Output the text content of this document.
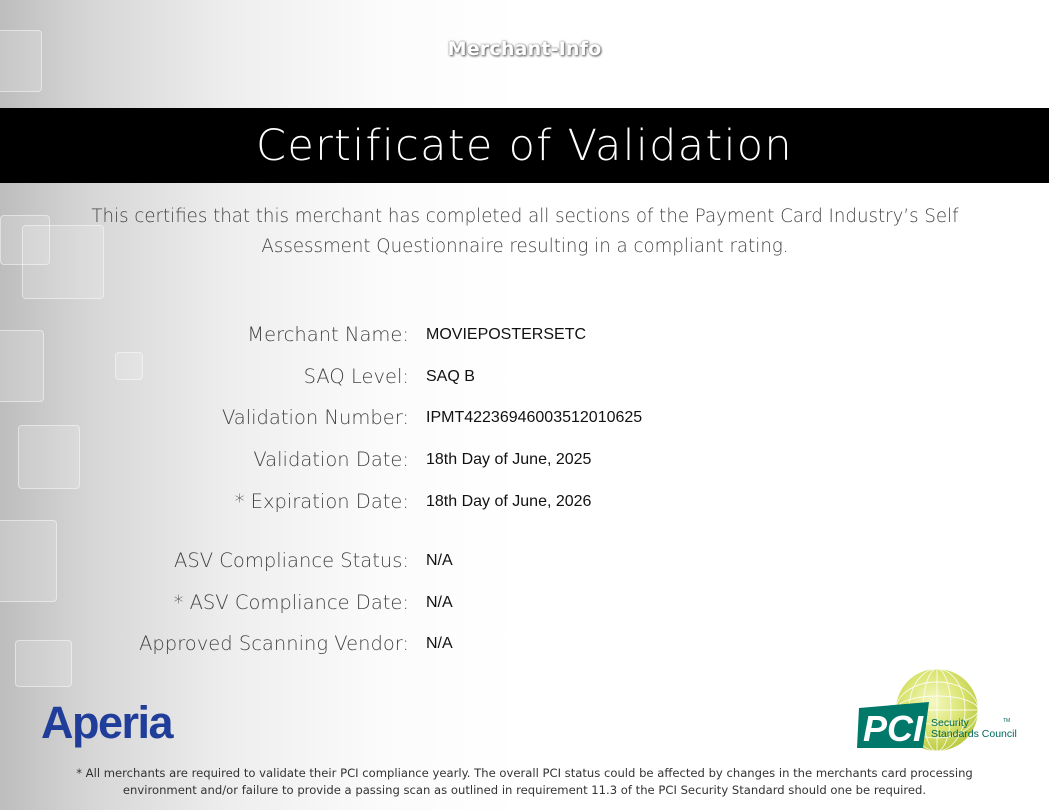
Merchant-Info
Certificate of Validation
This certifies that this merchant has completed all sections of the Payment Card Industry’s Self Assessment Questionnaire resulting in a compliant rating.
Merchant Name: MOVIEPOSTERSETC
SAQ Level: SAQ B
Validation Number: IPMT42236946003512010625
Validation Date: 18th Day of June, 2025
* Expiration Date: 18th Day of June, 2026
ASV Compliance Status: N/A
* ASV Compliance Date: N/A
Approved Scanning Vendor: N/A
Aperia	PCI Security
Standards Council
TM
* All merchants are required to validate their PCI compliance yearly. The overall PCI status could be affected by changes in the merchants card processing environment and/or failure to provide a passing scan as outlined in requirement 11.3 of the PCI Security Standard should one be required.
